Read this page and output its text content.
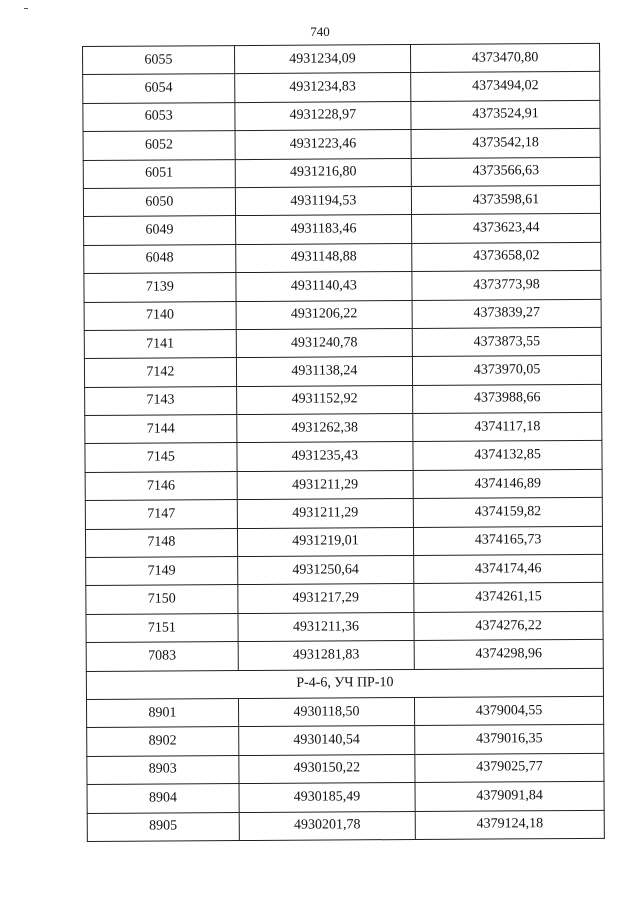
740
6055	4931234,09	4373470,80
6054	4931234,83	4373494,02
6053	4931228,97	4373524,91
6052	4931223,46	4373542,18
6051	4931216,80	4373566,63
6050	4931194,53	4373598,61
6049	4931183,46	4373623,44
6048	4931148,88	4373658,02
7139	4931140,43	4373773,98
7140	4931206,22	4373839,27
7141	4931240,78	4373873,55
7142	4931138,24	4373970,05
7143	4931152,92	4373988,66
7144	4931262,38	4374117,18
7145	4931235,43	4374132,85
7146	4931211,29	4374146,89
7147	4931211,29	4374159,82
7148	4931219,01	4374165,73
7149	4931250,64	4374174,46
7150	4931217,29	4374261,15
7151	4931211,36	4374276,22
7083	4931281,83	4374298,96
Р-4-6, УЧ ПР-10		
8901	4930118,50	4379004,55
8902	4930140,54	4379016,35
8903	4930150,22	4379025,77
8904	4930185,49	4379091,84
8905	4930201,78	4379124,18
